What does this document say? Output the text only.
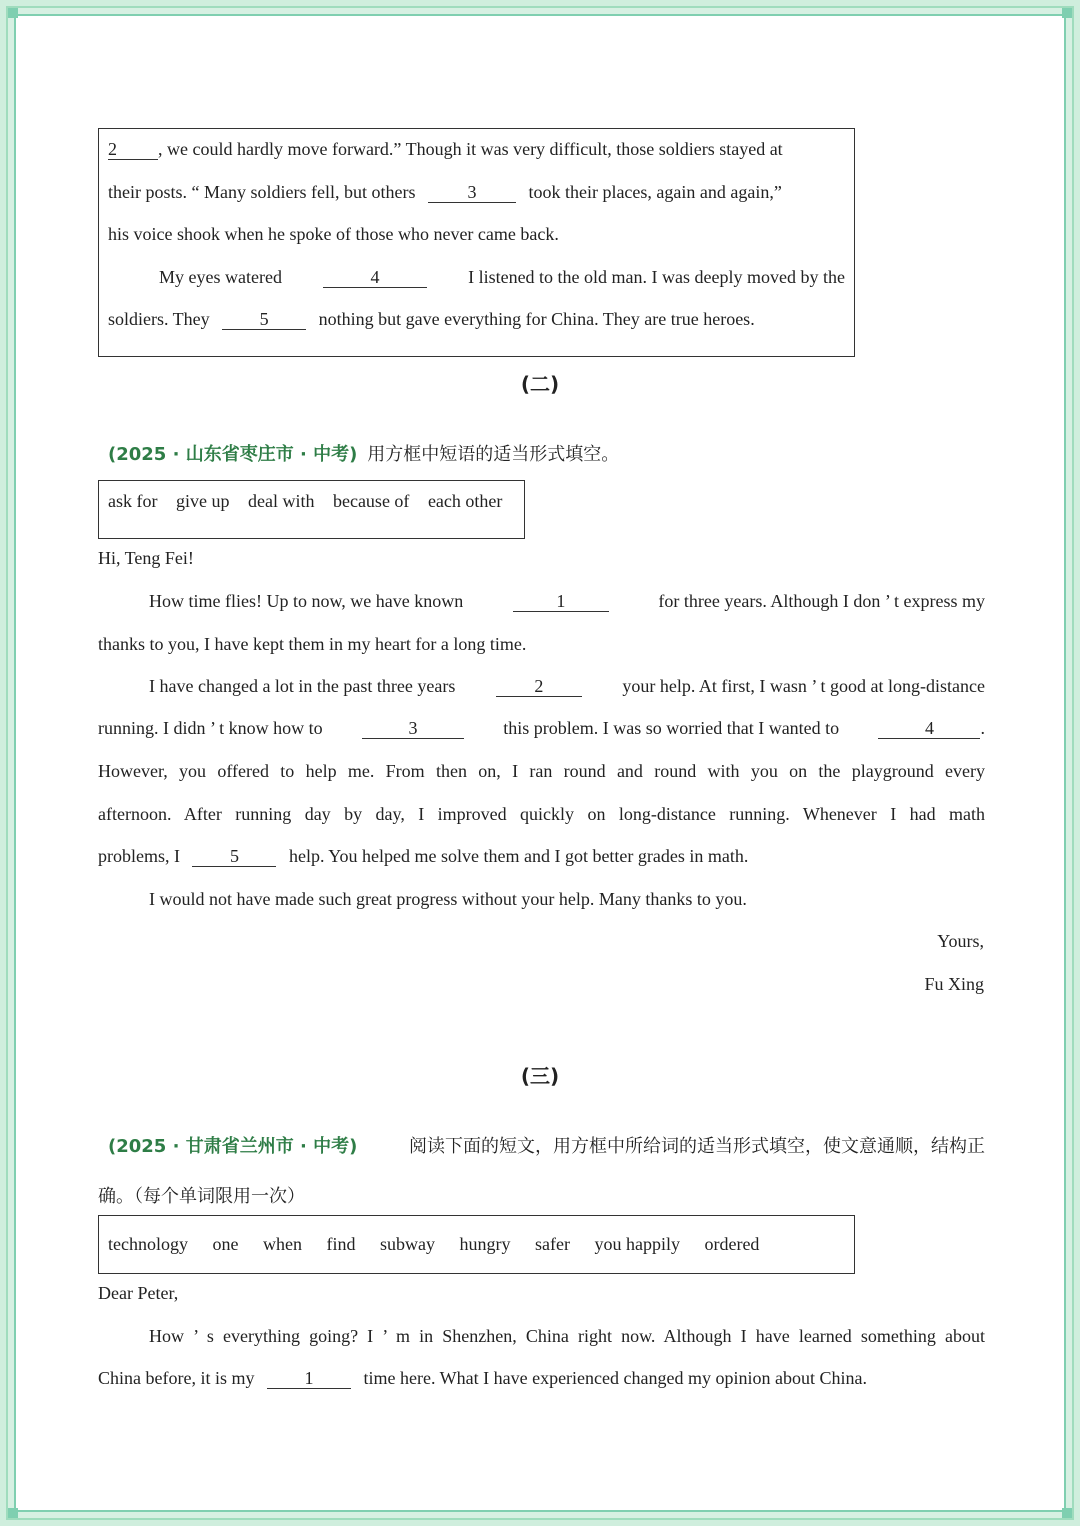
2 , we could hardly move forward.” Though it was very difficult, those soldiers stayed at
their posts. “ Many soldiers fell, but others	3	took their places, again and again,”
his voice shook when he spoke of those who never came back.
My eyes watered	4	I listened to the old man. I was deeply moved by the
soldiers. They	5	nothing but gave everything for China. They are true heroes.
(二)
(2025 · 山东省枣庄市 · 中考) 用方框中短语的适当形式填空。
ask for give up deal with because of each other
Hi, Teng Fei!
How time flies! Up to now, we have known	1	for three years. Although I don ’ t express my
thanks to you, I have kept them in my heart for a long time.
I have changed a lot in the past three years	2	your help. At first, I wasn ’ t good at long-distance
running. I didn ’ t know how to	3	this problem. I was so worried that I wanted to	4	.
However, you offered to help me. From then on, I ran round and round with you on the playground every
afternoon. After running day by day, I improved quickly on long-distance running. Whenever I had math
problems, I	5	help. You helped me solve them and I got better grades in math.
I would not have made such great progress without your help. Many thanks to you.
Yours,
Fu Xing
(三)
(2025 · 甘肃省兰州市 · 中考)	阅读下面的短文，用方框中所给词的适当形式填空，使文意通顺，结构正
确。（每个单词限用一次）
technology one when find subway hungry safer you happily ordered
Dear Peter,
How ’ s everything going? I ’ m in Shenzhen, China right now. Although I have learned something about
China before, it is my	1	time here. What I have experienced changed my opinion about China.
